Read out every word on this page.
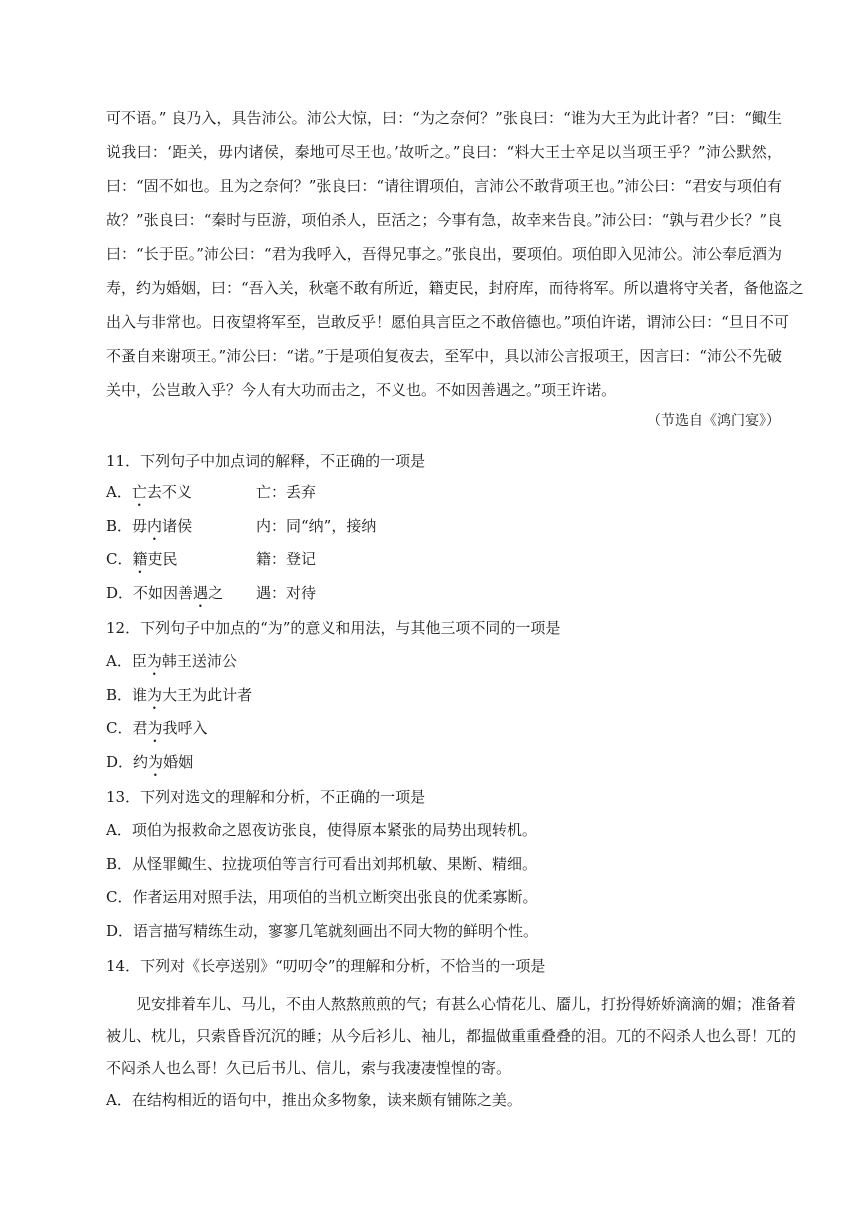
可不语。” 良乃入，具告沛公。沛公大惊，曰：“为之奈何？”张良曰：“谁为大王为此计者？”曰：“鲰生
说我曰：‘距关，毋内诸侯，秦地可尽王也。’故听之。”良曰：“料大王士卒足以当项王乎？”沛公默然，
曰：“固不如也。且为之奈何？”张良曰：“请往谓项伯，言沛公不敢背项王也。”沛公曰：“君安与项伯有
故？”张良曰：“秦时与臣游，项伯杀人，臣活之；今事有急，故幸来告良。”沛公曰：“孰与君少长？”良
曰：“长于臣。”沛公曰：“君为我呼入，吾得兄事之。”张良出，要项伯。项伯即入见沛公。沛公奉卮酒为
寿，约为婚姻，曰：“吾入关，秋毫不敢有所近，籍吏民，封府库，而待将军。所以遣将守关者，备他盗之
出入与非常也。日夜望将军至，岂敢反乎！愿伯具言臣之不敢倍德也。”项伯许诺，谓沛公曰：“旦日不可
不蚤自来谢项王。”沛公曰：“诺。”于是项伯复夜去，至军中，具以沛公言报项王，因言曰：“沛公不先破
关中，公岂敢入乎？今人有大功而击之，不义也。不如因善遇之。”项王许诺。
（节选自《鸿门宴》）
11．下列句子中加点词的解释，不正确的一项是
A．亡去不义	亡：丢弃
B．毋内诸侯	内：同“纳”，接纳
C．籍吏民	籍：登记
D．不如因善遇之 遇：对待
12．下列句子中加点的“为”的意义和用法，与其他三项不同的一项是
A．臣为韩王送沛公
B．谁为大王为此计者
C．君为我呼入
D．约为婚姻
13．下列对选文的理解和分析，不正确的一项是
A．项伯为报救命之恩夜访张良，使得原本紧张的局势出现转机。
B．从怪罪鲰生、拉拢项伯等言行可看出刘邦机敏、果断、精细。
C．作者运用对照手法，用项伯的当机立断突出张良的优柔寡断。
D．语言描写精练生动，寥寥几笔就刻画出不同大物的鲜明个性。
14．下列对《长亭送别》“叨叨令”的理解和分析，不恰当的一项是
见安排着车儿、马儿，不由人熬熬煎煎的气；有甚么心情花儿、靥儿，打扮得娇娇滴滴的媚；准备着
被儿、枕儿，只索昏昏沉沉的睡；从今后衫儿、袖儿，都揾做重重叠叠的泪。兀的不闷杀人也么哥！兀的
不闷杀人也么哥！久已后书儿、信儿，索与我凄凄惶惶的寄。
A．在结构相近的语句中，推出众多物象，读来颇有铺陈之美。
